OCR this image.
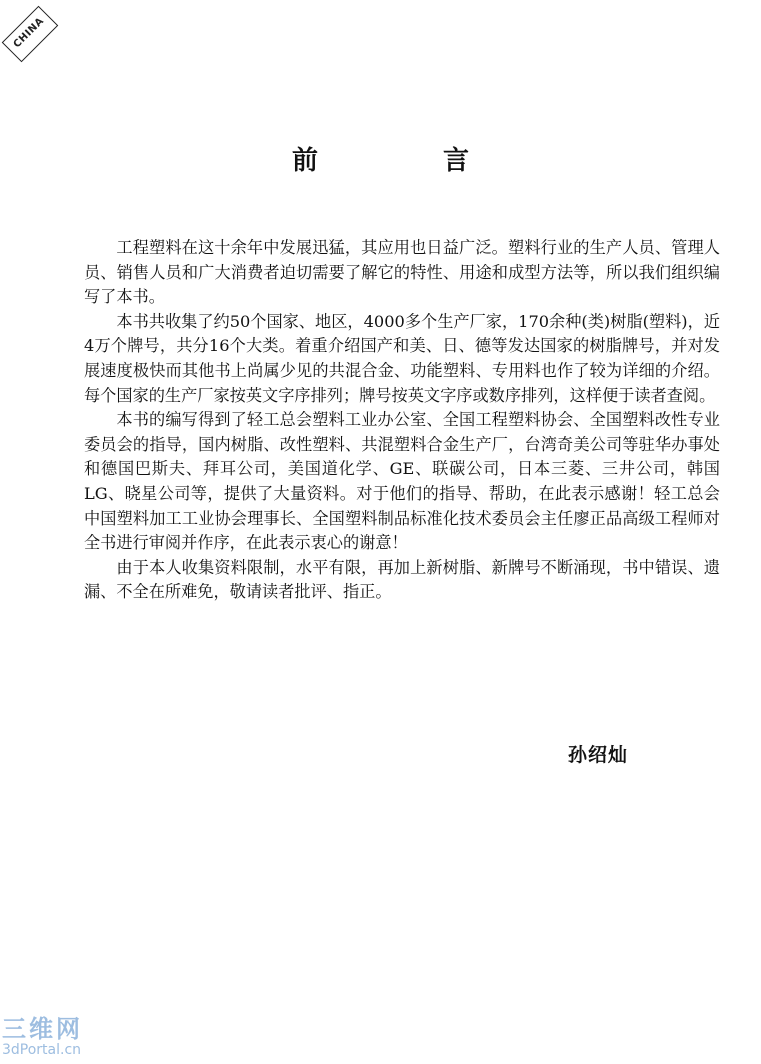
CHINA
前 言

工程塑料在这十余年中发展迅猛，其应用也日益广泛。塑料行业的生产人员、管理人员、销售人员和广大消费者迫切需要了解它的特性、用途和成型方法等，所以我们组织编写了本书。

本书共收集了约50个国家、地区，4000多个生产厂家，170余种(类)树脂(塑料)，近4万个牌号，共分16个大类。着重介绍国产和美、日、德等发达国家的树脂牌号，并对发展速度极快而其他书上尚属少见的共混合金、功能塑料、专用料也作了较为详细的介绍。每个国家的生产厂家按英文字序排列；牌号按英文字序或数序排列，这样便于读者查阅。

本书的编写得到了轻工总会塑料工业办公室、全国工程塑料协会、全国塑料改性专业委员会的指导，国内树脂、改性塑料、共混塑料合金生产厂，台湾奇美公司等驻华办事处和德国巴斯夫、拜耳公司，美国道化学、GE、联碳公司，日本三菱、三井公司，韩国LG、晓星公司等，提供了大量资料。对于他们的指导、帮助，在此表示感谢！轻工总会中国塑料加工工业协会理事长、全国塑料制品标准化技术委员会主任廖正品高级工程师对全书进行审阅并作序，在此表示衷心的谢意！

由于本人收集资料限制，水平有限，再加上新树脂、新牌号不断涌现，书中错误、遗漏、不全在所难免，敬请读者批评、指正。

孙绍灿
三维网
3dPortal.cn
